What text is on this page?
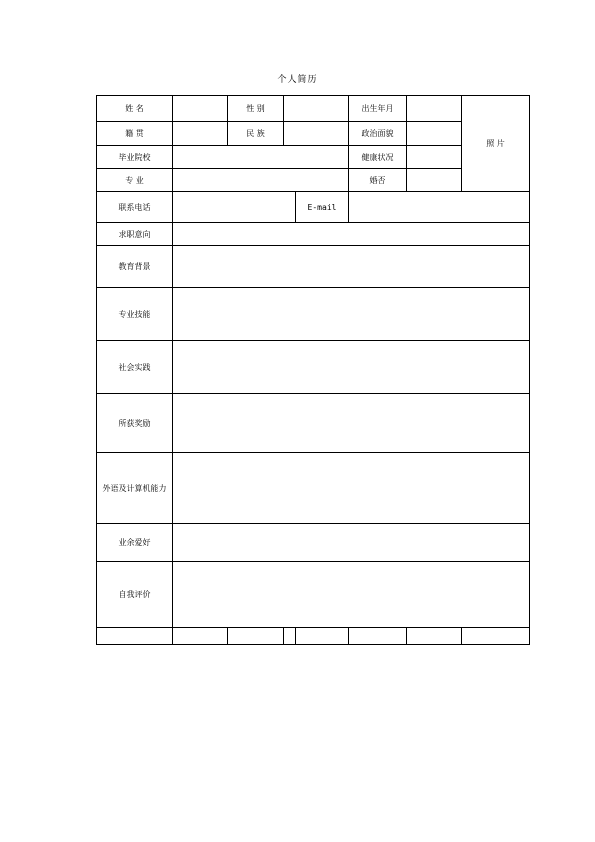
个人简历
姓 名		性 别			出生年月		照 片
籍 贯		民 族			政治面貌		
毕业院校					健康状况		
专 业					婚否		
联系电话				E-mail			
求职意向							
教育背景							
专业技能							
社会实践							
所获奖励							
外语及计算机能力							
业余爱好							
自我评价							
